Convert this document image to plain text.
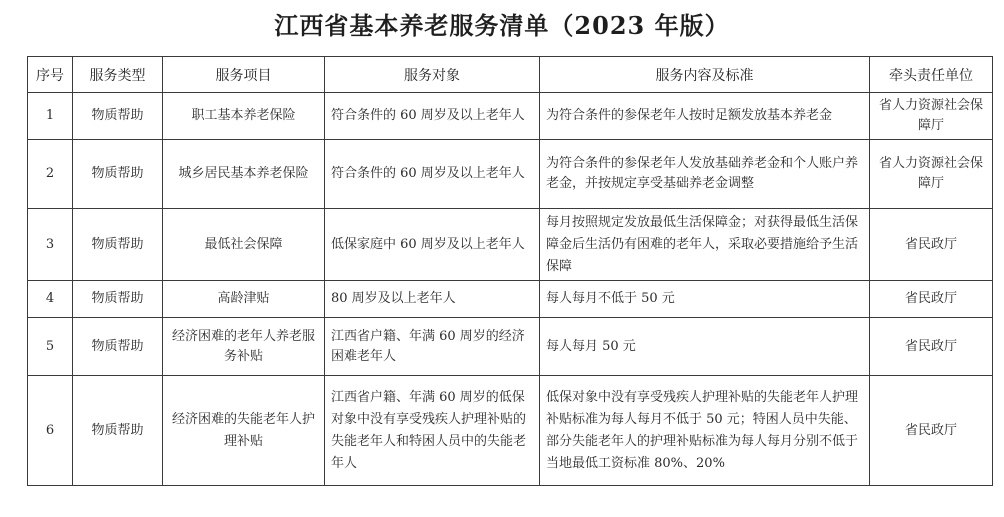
江西省基本养老服务清单（2023 年版）
序号	服务类型	服务项目	服务对象	服务内容及标准	牵头责任单位
1	物质帮助	职工基本养老保险	符合条件的 60 周岁及以上老年人	为符合条件的参保老年人按时足额发放基本养老金	省人力资源社会保障厅
2	物质帮助	城乡居民基本养老保险	符合条件的 60 周岁及以上老年人	为符合条件的参保老年人发放基础养老金和个人账户养老金，并按规定享受基础养老金调整	省人力资源社会保障厅
3	物质帮助	最低社会保障	低保家庭中 60 周岁及以上老年人	每月按照规定发放最低生活保障金；对获得最低生活保障金后生活仍有困难的老年人，采取必要措施给予生活保障	省民政厅
4	物质帮助	高龄津贴	80 周岁及以上老年人	每人每月不低于 50 元	省民政厅
5	物质帮助	经济困难的老年人养老服务补贴	江西省户籍、年满 60 周岁的经济困难老年人	每人每月 50 元	省民政厅
6	物质帮助	经济困难的失能老年人护理补贴	江西省户籍、年满 60 周岁的低保对象中没有享受残疾人护理补贴的失能老年人和特困人员中的失能老年人	低保对象中没有享受残疾人护理补贴的失能老年人护理补贴标准为每人每月不低于 50 元；特困人员中失能、部分失能老年人的护理补贴标准为每人每月分别不低于当地最低工资标准 80%、20%	省民政厅
